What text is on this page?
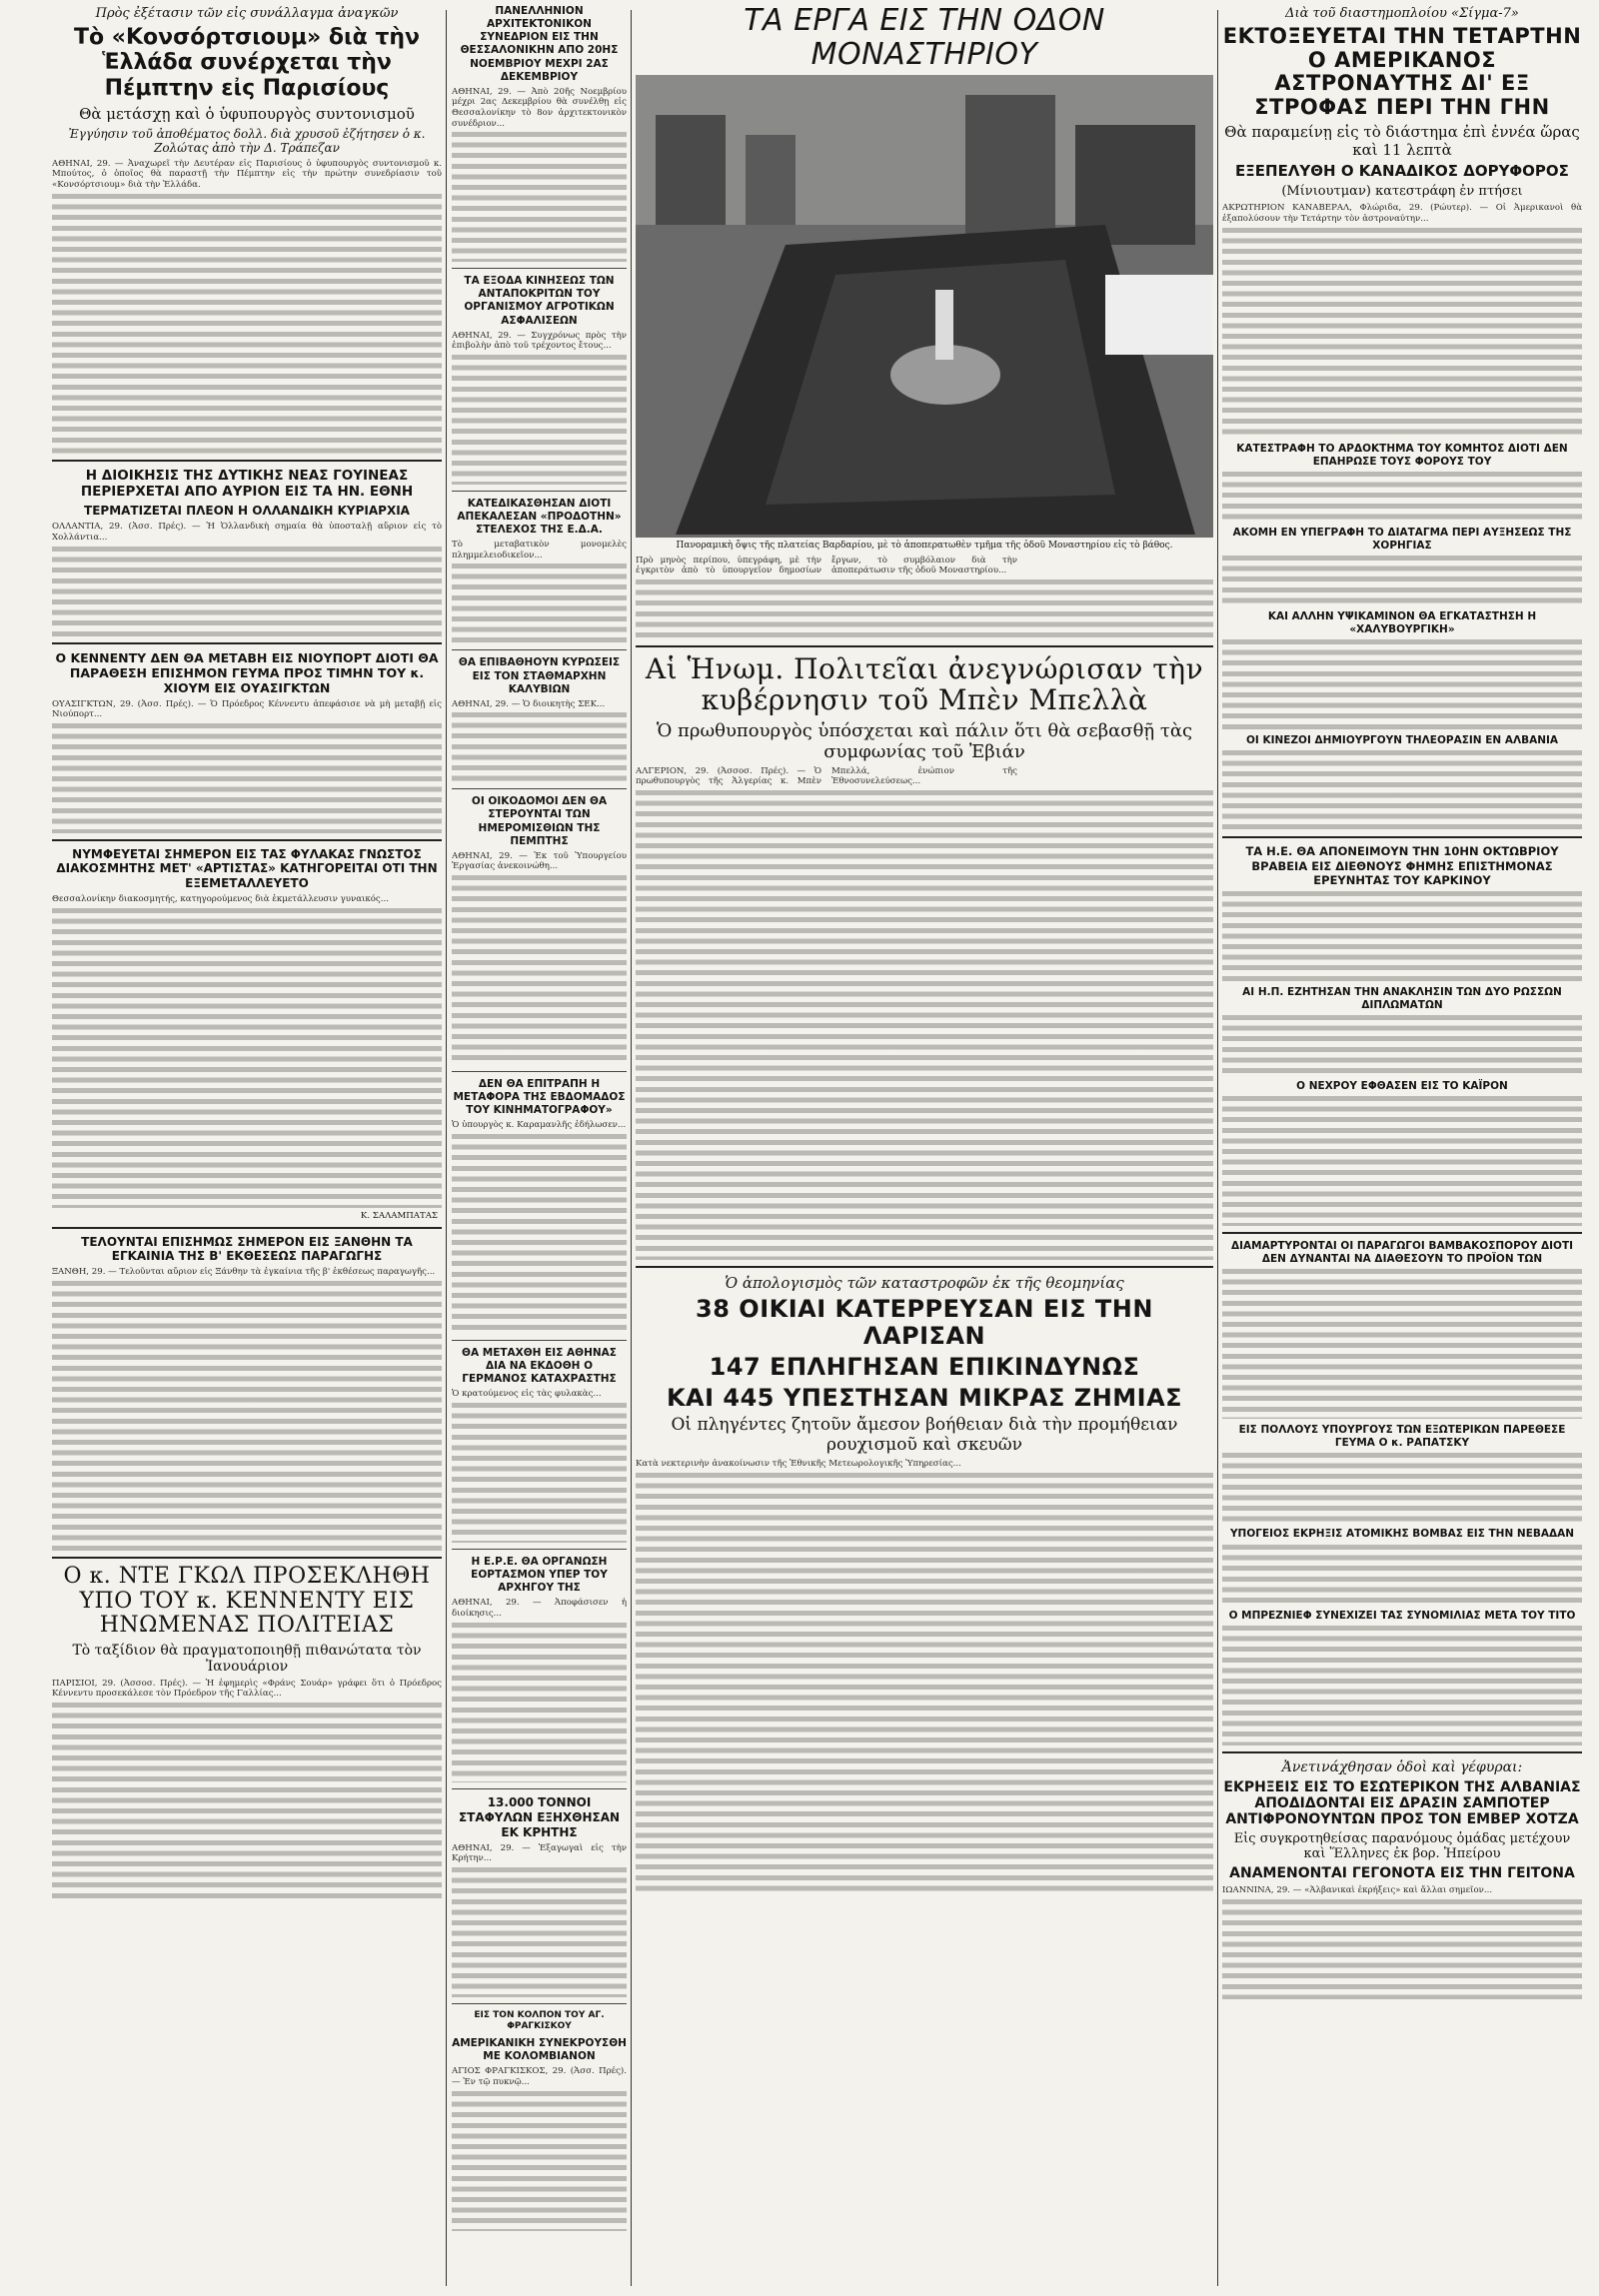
Πρὸς ἐξέτασιν τῶν εἰς συνάλλαγμα ἀναγκῶν
Τὸ «Κονσόρτσιουμ» διὰ τὴν Ἑλλάδα συνέρχεται τὴν Πέμπτην εἰς Παρισίους
Θὰ μετάσχῃ καὶ ὁ ὑφυπουργὸς συντονισμοῦ
Ἐγγύησιν τοῦ ἀποθέματος δολλ. διὰ χρυσοῦ ἐζήτησεν ὁ κ. Ζολώτας ἀπὸ τὴν Δ. Τράπεζαν

ΑΘΗΝΑΙ, 29. — Ἀναχωρεῖ τὴν Δευτέραν εἰς Παρισίους ὁ ὑφυπουργὸς συντονισμοῦ κ. Μπούτος, ὁ ὁποῖος θὰ παραστῇ τὴν Πέμπτην εἰς τὴν πρώτην συνεδρίασιν τοῦ «Κονσόρτσιουμ» διὰ τὴν Ἑλλάδα.

Η ΔΙΟΙΚΗΣΙΣ ΤΗΣ ΔΥΤΙΚΗΣ ΝΕΑΣ ΓΟΥΙΝΕΑΣ ΠΕΡΙΕΡΧΕΤΑΙ ΑΠΟ ΑΥΡΙΟΝ ΕΙΣ ΤΑ ΗΝ. ΕΘΝΗ
ΤΕΡΜΑΤΙΖΕΤΑΙ ΠΛΕΟΝ Η ΟΛΛΑΝΔΙΚΗ ΚΥΡΙΑΡΧΙΑ

ΟΛΛΑΝΤΙΑ, 29. (Ἀσσ. Πρές). — Ἡ Ὁλλανδικὴ σημαία θὰ ὑποσταλῇ αὔριον εἰς τὸ Χολλάντια...

Ο ΚΕΝΝΕΝΤΥ ΔΕΝ ΘΑ ΜΕΤΑΒΗ ΕΙΣ ΝΙΟΥΠΟΡΤ ΔΙΟΤΙ ΘΑ ΠΑΡΑΘΕΣΗ ΕΠΙΣΗΜΟΝ ΓΕΥΜΑ ΠΡΟΣ ΤΙΜΗΝ ΤΟΥ κ. ΧΙΟΥΜ ΕΙΣ ΟΥΑΣΙΓΚΤΩΝ

ΟΥΑΣΙΓΚΤΩΝ, 29. (Ἀσσ. Πρές). — Ὁ Πρόεδρος Κέννεντυ ἀπεφάσισε νὰ μὴ μεταβῇ εἰς Νιούπορτ...

ΝΥΜΦΕΥΕΤΑΙ ΣΗΜΕΡΟΝ ΕΙΣ ΤΑΣ ΦΥΛΑΚΑΣ ΓΝΩΣΤΟΣ ΔΙΑΚΟΣΜΗΤΗΣ ΜΕΤ' «ΑΡΤΙΣΤΑΣ» ΚΑΤΗΓΟΡΕΙΤΑΙ ΟΤΙ ΤΗΝ ΕΞΕΜΕΤΑΛΛΕΥΕΤΟ

Θεσσαλονίκην διακοσμητής, κατηγορούμενος διὰ ἐκμετάλλευσιν γυναικός...

Κ. ΣΑΛΑΜΠΑΤΑΣ
ΤΕΛΟΥΝΤΑΙ ΕΠΙΣΗΜΩΣ ΣΗΜΕΡΟΝ ΕΙΣ ΞΑΝΘΗΝ ΤΑ ΕΓΚΑΙΝΙΑ ΤΗΣ Β' ΕΚΘΕΣΕΩΣ ΠΑΡΑΓΩΓΗΣ

ΞΑΝΘΗ, 29. — Τελοῦνται αὔριον εἰς Ξάνθην τὰ ἐγκαίνια τῆς β' ἐκθέσεως παραγωγῆς...

Ο κ. ΝΤΕ ΓΚΩΛ ΠΡΟΣΕΚΛΗΘΗ ΥΠΟ ΤΟΥ κ. ΚΕΝΝΕΝΤΥ ΕΙΣ ΗΝΩΜΕΝΑΣ ΠΟΛΙΤΕΙΑΣ
Τὸ ταξίδιον θὰ πραγματοποιηθῇ πιθανώτατα τὸν Ἰανουάριον

ΠΑΡΙΣΙΟΙ, 29. (Ἀσσοσ. Πρές). — Ἡ ἐφημερὶς «Φράνς Σουάρ» γράφει ὅτι ὁ Πρόεδρος Κέννεντυ προσεκάλεσε τὸν Πρόεδρον τῆς Γαλλίας...

ΠΑΝΕΛΛΗΝΙΟΝ ΑΡΧΙΤΕΚΤΟΝΙΚΟΝ ΣΥΝΕΔΡΙΟΝ ΕΙΣ ΤΗΝ ΘΕΣΣΑΛΟΝΙΚΗΝ ΑΠΟ 20ΗΣ ΝΟΕΜΒΡΙΟΥ ΜΕΧΡΙ 2ΑΣ ΔΕΚΕΜΒΡΙΟΥ

ΑΘΗΝΑΙ, 29. — Ἀπὸ 20ῆς Νοεμβρίου μέχρι 2ας Δεκεμβρίου θὰ συνέλθῃ εἰς Θεσσαλονίκην τὸ 8ον ἀρχιτεκτονικὸν συνέδριον...

ΤΑ ΕΞΟΔΑ ΚΙΝΗΣΕΩΣ ΤΩΝ ΑΝΤΑΠΟΚΡΙΤΩΝ ΤΟΥ ΟΡΓΑΝΙΣΜΟΥ ΑΓΡΟΤΙΚΩΝ ΑΣΦΑΛΙΣΕΩΝ

ΑΘΗΝΑΙ, 29. — Συγχρόνως πρὸς τὴν ἐπιβολὴν ἀπὸ τοῦ τρέχοντος ἔτους...

ΚΑΤΕΔΙΚΑΣΘΗΣΑΝ ΔΙΟΤΙ ΑΠΕΚΑΛΕΣΑΝ «ΠΡΟΔΟΤΗΝ» ΣΤΕΛΕΧΟΣ ΤΗΣ Ε.Δ.Α.

Τὸ μεταβατικὸν μονομελὲς πλημμελειοδικεῖον...

ΘΑ ΕΠΙΒΑΘΗΟΥΝ ΚΥΡΩΣΕΙΣ ΕΙΣ ΤΟΝ ΣΤΑΘΜΑΡΧΗΝ ΚΑΛΥΒΙΩΝ

ΑΘΗΝΑΙ, 29. — Ὁ διοικητὴς ΣΕΚ...

ΟΙ ΟΙΚΟΔΟΜΟΙ ΔΕΝ ΘΑ ΣΤΕΡΟΥΝΤΑΙ ΤΩΝ ΗΜΕΡΟΜΙΣΘΙΩΝ ΤΗΣ ΠΕΜΠΤΗΣ

ΑΘΗΝΑΙ, 29. — Ἐκ τοῦ Ὑπουργείου Ἐργασίας ἀνεκοινώθη...

ΔΕΝ ΘΑ ΕΠΙΤΡΑΠΗ Η ΜΕΤΑΦΟΡΑ ΤΗΣ ΕΒΔΟΜΑΔΟΣ ΤΟΥ ΚΙΝΗΜΑΤΟΓΡΑΦΟΥ»

Ὁ ὑπουργὸς κ. Καραμανλῆς ἐδήλωσεν...

ΘΑ ΜΕΤΑΧΘΗ ΕΙΣ ΑΘΗΝΑΣ ΔΙΑ ΝΑ ΕΚΔΟΘΗ Ο ΓΕΡΜΑΝΟΣ ΚΑΤΑΧΡΑΣΤΗΣ

Ὁ κρατούμενος εἰς τὰς φυλακὰς...

Η Ε.Ρ.Ε. ΘΑ ΟΡΓΑΝΩΣΗ ΕΟΡΤΑΣΜΟΝ ΥΠΕΡ ΤΟΥ ΑΡΧΗΓΟΥ ΤΗΣ

ΑΘΗΝΑΙ, 29. — Ἀποφάσισεν ἡ διοίκησις...

13.000 ΤΟΝΝΟΙ ΣΤΑΦΥΛΩΝ ΕΞΗΧΘΗΣΑΝ ΕΚ ΚΡΗΤΗΣ

ΑΘΗΝΑΙ, 29. — Ἐξαγωγαὶ εἰς τὴν Κρήτην...

ΕΙΣ ΤΟΝ ΚΟΛΠΟΝ ΤΟΥ ΑΓ. ΦΡΑΓΚΙΣΚΟΥ
ΑΜΕΡΙΚΑΝΙΚΗ ΣΥΝΕΚΡΟΥΣΘΗ ΜΕ ΚΟΛΟΜΒΙΑΝΟΝ

ΑΓΙΟΣ ΦΡΑΓΚΙΣΚΟΣ, 29. (Ἀσσ. Πρές). — Ἐν τῷ πυκνῷ...

ΤΑ ΕΡΓΑ ΕΙΣ ΤΗΝ ΟΔΟΝ ΜΟΝΑΣΤΗΡΙΟΥ
Πανοραμικὴ ὄψις τῆς πλατείας Βαρδαρίου, μὲ τὸ ἀποπερατωθὲν τμῆμα τῆς ὁδοῦ Μοναστηρίου εἰς τὸ βάθος.

Πρὸ μηνὸς περίπου, ὑπεγράφη, μὲ τὴν ἐγκριτὸν ἀπὸ τὸ ὑπουργεῖον δημοσίων ἔργων, τὸ συμβόλαιον διὰ τὴν ἀποπεράτωσιν τῆς ὁδοῦ Μοναστηρίου...

Αἱ Ἡνωμ. Πολιτεῖαι ἀνεγνώρισαν τὴν κυβέρνησιν τοῦ Μπὲν Μπελλὰ
Ὁ πρωθυπουργὸς ὑπόσχεται καὶ πάλιν ὅτι θὰ σεβασθῇ τὰς συμφωνίας τοῦ Ἐβιάν

ΑΛΓΕΡΙΟΝ, 29. (Ἀσσοσ. Πρές). — Ὁ πρωθυπουργὸς τῆς Ἀλγερίας κ. Μπὲν Μπελλά, ἐνώπιον τῆς Ἐθνοσυνελεύσεως...

Ὁ ἀπολογισμὸς τῶν καταστροφῶν ἐκ τῆς θεομηνίας
38 ΟΙΚΙΑΙ ΚΑΤΕΡΡΕΥΣΑΝ ΕΙΣ ΤΗΝ ΛΑΡΙΣΑΝ
147 ΕΠΛΗΓΗΣΑΝ ΕΠΙΚΙΝΔΥΝΩΣ
ΚΑΙ 445 ΥΠΕΣΤΗΣΑΝ ΜΙΚΡΑΣ ΖΗΜΙΑΣ
Οἱ πληγέντες ζητοῦν ἄμεσον βοήθειαν διὰ τὴν προμήθειαν ρουχισμοῦ καὶ σκευῶν

Κατὰ νεκτερινὴν ἀνακοίνωσιν τῆς Ἐθνικῆς Μετεωρολογικῆς Ὑπηρεσίας...

Διὰ τοῦ διαστημοπλοίου «Σίγμα-7»
ΕΚΤΟΞΕΥΕΤΑΙ ΤΗΝ ΤΕΤΑΡΤΗΝ Ο ΑΜΕΡΙΚΑΝΟΣ ΑΣΤΡΟΝΑΥΤΗΣ ΔΙ' ΕΞ ΣΤΡΟΦΑΣ ΠΕΡΙ ΤΗΝ ΓΗΝ
Θὰ παραμείνῃ εἰς τὸ διάστημα ἐπὶ ἐννέα ὥρας καὶ 11 λεπτὰ
ΕΞΕΠΕΛΥΘΗ Ο ΚΑΝΑΔΙΚΟΣ ΔΟΡΥΦΟΡΟΣ
(Μίνιουτμαν) κατεστράφη ἐν πτήσει

ΑΚΡΩΤΗΡΙΟΝ ΚΑΝΑΒΕΡΑΛ, Φλώριδα, 29. (Ρώυτερ). — Οἱ Ἀμερικανοὶ θὰ ἐξαπολύσουν τὴν Τετάρτην τὸν ἀστροναύτην...

ΚΑΤΕΣΤΡΑΦΗ ΤΟ ΑΡΔΟΚΤΗΜΑ ΤΟΥ ΚΟΜΗΤΟΣ ΔΙΟΤΙ ΔΕΝ ΕΠΑΗΡΩΣΕ ΤΟΥΣ ΦΟΡΟΥΣ ΤΟΥ
ΑΚΟΜΗ ΕΝ ΥΠΕΓΡΑΦΗ ΤΟ ΔΙΑΤΑΓΜΑ ΠΕΡΙ ΑΥΞΗΣΕΩΣ ΤΗΣ ΧΟΡΗΓΙΑΣ
ΚΑΙ ΑΛΛΗΝ ΥΨΙΚΑΜΙΝΟΝ ΘΑ ΕΓΚΑΤΑΣΤΗΣΗ Η «ΧΑΛΥΒΟΥΡΓΙΚΗ»
ΟΙ ΚΙΝΕΖΟΙ ΔΗΜΙΟΥΡΓΟΥΝ ΤΗΛΕΟΡΑΣΙΝ ΕΝ ΑΛΒΑΝΙΑ
ΤΑ Η.Ε. ΘΑ ΑΠΟΝΕΙΜΟΥΝ ΤΗΝ 10ΗΝ ΟΚΤΩΒΡΙΟΥ ΒΡΑΒΕΙΑ ΕΙΣ ΔΙΕΘΝΟΥΣ ΦΗΜΗΣ ΕΠΙΣΤΗΜΟΝΑΣ ΕΡΕΥΝΗΤΑΣ ΤΟΥ ΚΑΡΚΙΝΟΥ
ΑΙ Η.Π. ΕΖΗΤΗΣΑΝ ΤΗΝ ΑΝΑΚΛΗΣΙΝ ΤΩΝ ΔΥΟ ΡΩΣΣΩΝ ΔΙΠΛΩΜΑΤΩΝ
Ο ΝΕΧΡΟΥ ΕΦΘΑΣΕΝ ΕΙΣ ΤΟ ΚΑΪΡΟΝ
ΔΙΑΜΑΡΤΥΡΟΝΤΑΙ ΟΙ ΠΑΡΑΓΩΓΟΙ ΒΑΜΒΑΚΟΣΠΟΡΟΥ ΔΙΟΤΙ ΔΕΝ ΔΥΝΑΝΤΑΙ ΝΑ ΔΙΑΘΕΣΟΥΝ ΤΟ ΠΡΟΪΟΝ ΤΩΝ
ΕΙΣ ΠΟΛΛΟΥΣ ΥΠΟΥΡΓΟΥΣ ΤΩΝ ΕΞΩΤΕΡΙΚΩΝ ΠΑΡΕΘΕΣΕ ΓΕΥΜΑ Ο κ. ΡΑΠΑΤΣΚΥ
ΥΠΟΓΕΙΟΣ ΕΚΡΗΞΙΣ ΑΤΟΜΙΚΗΣ ΒΟΜΒΑΣ ΕΙΣ ΤΗΝ ΝΕΒΑΔΑΝ
Ο ΜΠΡΕΖΝΙΕΦ ΣΥΝΕΧΙΖΕΙ ΤΑΣ ΣΥΝΟΜΙΛΙΑΣ ΜΕΤΑ ΤΟΥ ΤΙΤΟ
Ἀνετινάχθησαν ὁδοὶ καὶ γέφυραι:
ΕΚΡΗΞΕΙΣ ΕΙΣ ΤΟ ΕΣΩΤΕΡΙΚΟΝ ΤΗΣ ΑΛΒΑΝΙΑΣ ΑΠΟΔΙΔΟΝΤΑΙ ΕΙΣ ΔΡΑΣΙΝ ΣΑΜΠΟΤΕΡ ΑΝΤΙΦΡΟΝΟΥΝΤΩΝ ΠΡΟΣ ΤΟΝ ΕΜΒΕΡ ΧΟΤΖΑ
Εἰς συγκροτηθείσας παρανόμους ὁμάδας μετέχουν καὶ Ἕλληνες ἐκ βορ. Ἠπείρου
ΑΝΑΜΕΝΟΝΤΑΙ ΓΕΓΟΝΟΤΑ ΕΙΣ ΤΗΝ ΓΕΙΤΟΝΑ

ΙΩΑΝΝΙΝΑ, 29. — «Ἀλβανικαὶ ἐκρήξεις» καὶ ἄλλαι σημεῖον...
